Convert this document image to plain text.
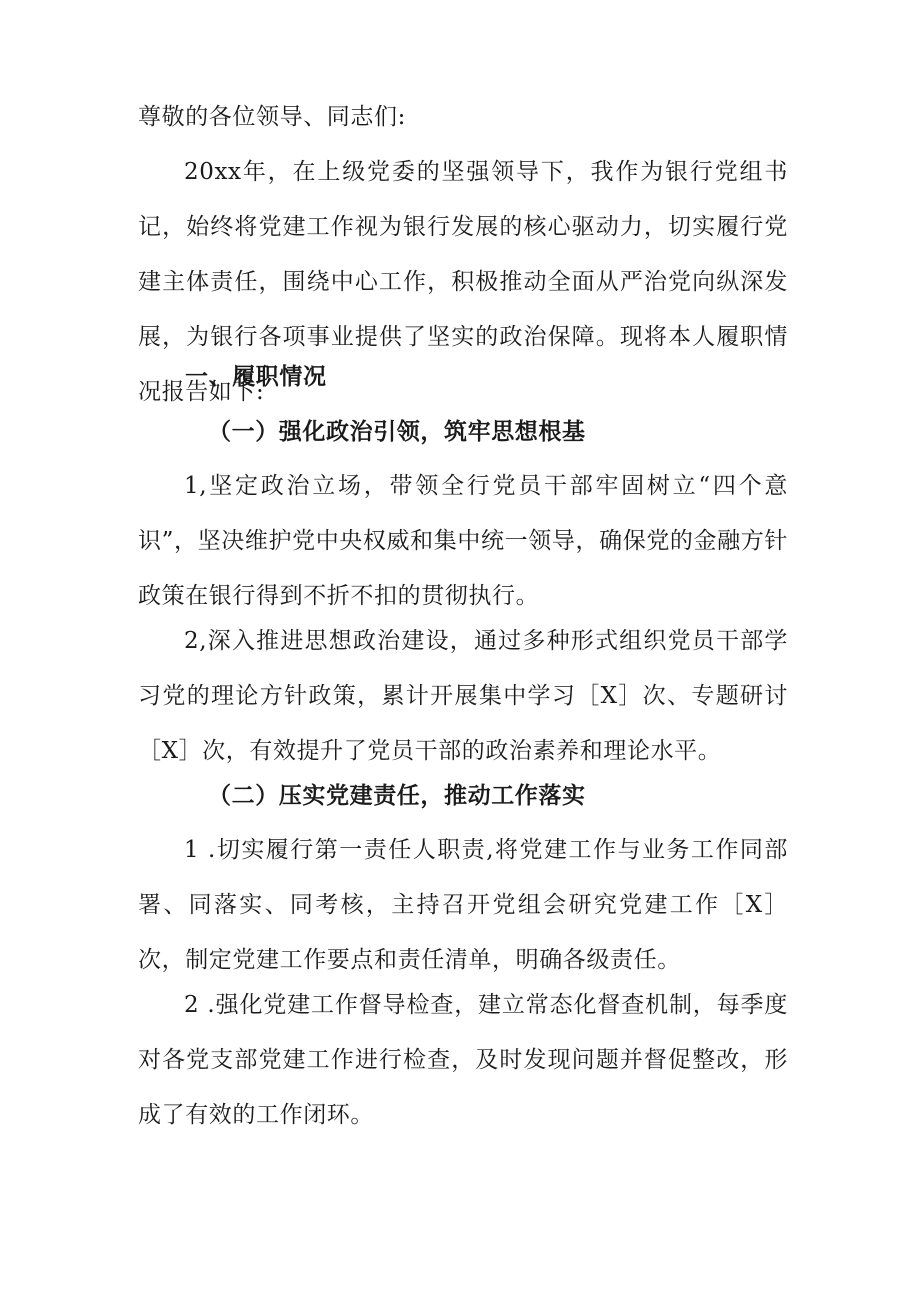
尊敬的各位领导、同志们:

20xx年，在上级党委的坚强领导下，我作为银行党组书记，始终将党建工作视为银行发展的核心驱动力，切实履行党建主体责任，围绕中心工作，积极推动全面从严治党向纵深发展，为银行各项事业提供了坚实的政治保障。现将本人履职情况报告如下:

一、履职情况

（一）强化政治引领，筑牢思想根基

1,坚定政治立场，带领全行党员干部牢固树立“四个意识”，坚决维护党中央权威和集中统一领导，确保党的金融方针政策在银行得到不折不扣的贯彻执行。

2,深入推进思想政治建设，通过多种形式组织党员干部学习党的理论方针政策，累计开展集中学习［X］次、专题研讨［X］次，有效提升了党员干部的政治素养和理论水平。

（二）压实党建责任，推动工作落实

1 .切实履行第一责任人职责,将党建工作与业务工作同部署、同落实、同考核，主持召开党组会研究党建工作［X］次，制定党建工作要点和责任清单，明确各级责任。

2 .强化党建工作督导检查，建立常态化督查机制，每季度对各党支部党建工作进行检查，及时发现问题并督促整改，形成了有效的工作闭环。
